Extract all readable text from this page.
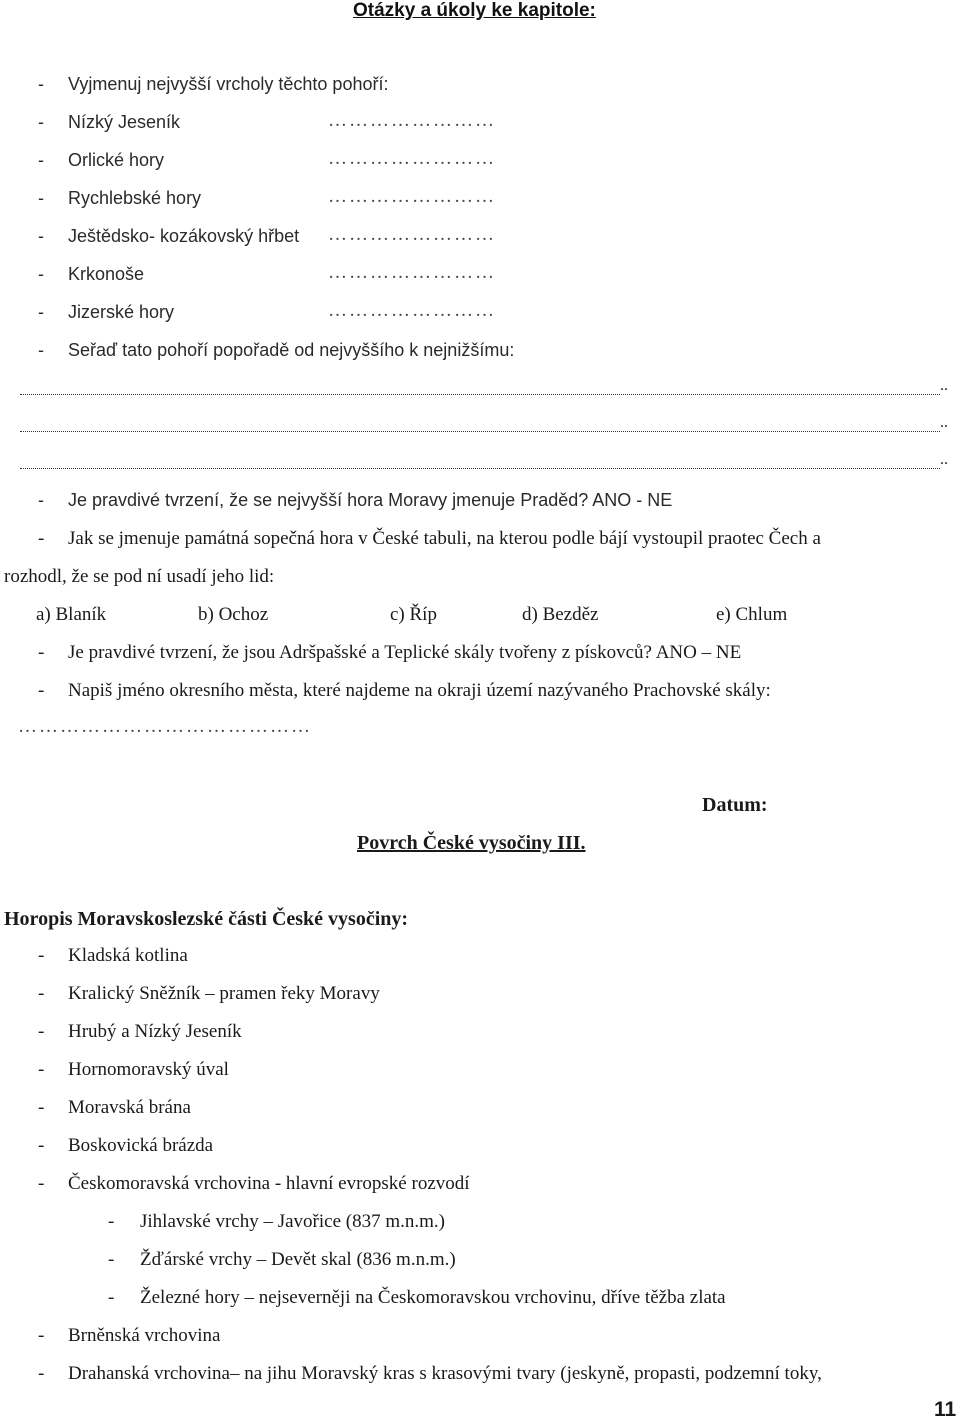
Otázky a úkoly ke kapitole:
- Vyjmenuj nejvyšší vrcholy těchto pohoří:
- Nízký Jeseník	……………………
- Orlické hory	……………………
- Rychlebské hory	……………………
- Ještědsko- kozákovský hřbet ……………………
- Krkonoše	……………………
- Jizerské hory	……………………
- Seřaď tato pohoří popořadě od nejvyššího k nejnižšímu:
..
..
..
- Je pravdivé tvrzení, že se nejvyšší hora Moravy jmenuje Praděd? ANO - NE
- Jak se jmenuje památná sopečná hora v České tabuli, na kterou podle bájí vystoupil praotec Čech a
rozhodl, že se pod ní usadí jeho lid:
a) Blaník	b) Ochoz	c) Říp	d) Bezděz	e) Chlum
- Je pravdivé tvrzení, že jsou Adršpašské a Teplické skály tvořeny z pískovců? ANO – NE
- Napiš jméno okresního města, které najdeme na okraji území nazývaného Prachovské skály:
……………………………………
Datum:
Povrch České vysočiny III.
Horopis Moravskoslezské části České vysočiny:
- Kladská kotlina
- Kralický Sněžník – pramen řeky Moravy
- Hrubý a Nízký Jeseník
- Hornomoravský úval
- Moravská brána
- Boskovická brázda
- Českomoravská vrchovina - hlavní evropské rozvodí
- Jihlavské vrchy – Javořice (837 m.n.m.)
- Žďárské vrchy – Devět skal (836 m.n.m.)
- Železné hory – nejseverněji na Českomoravskou vrchovinu, dříve těžba zlata
- Brněnská vrchovina
- Drahanská vrchovina– na jihu Moravský kras s krasovými tvary (jeskyně, propasti, podzemní toky,
11
